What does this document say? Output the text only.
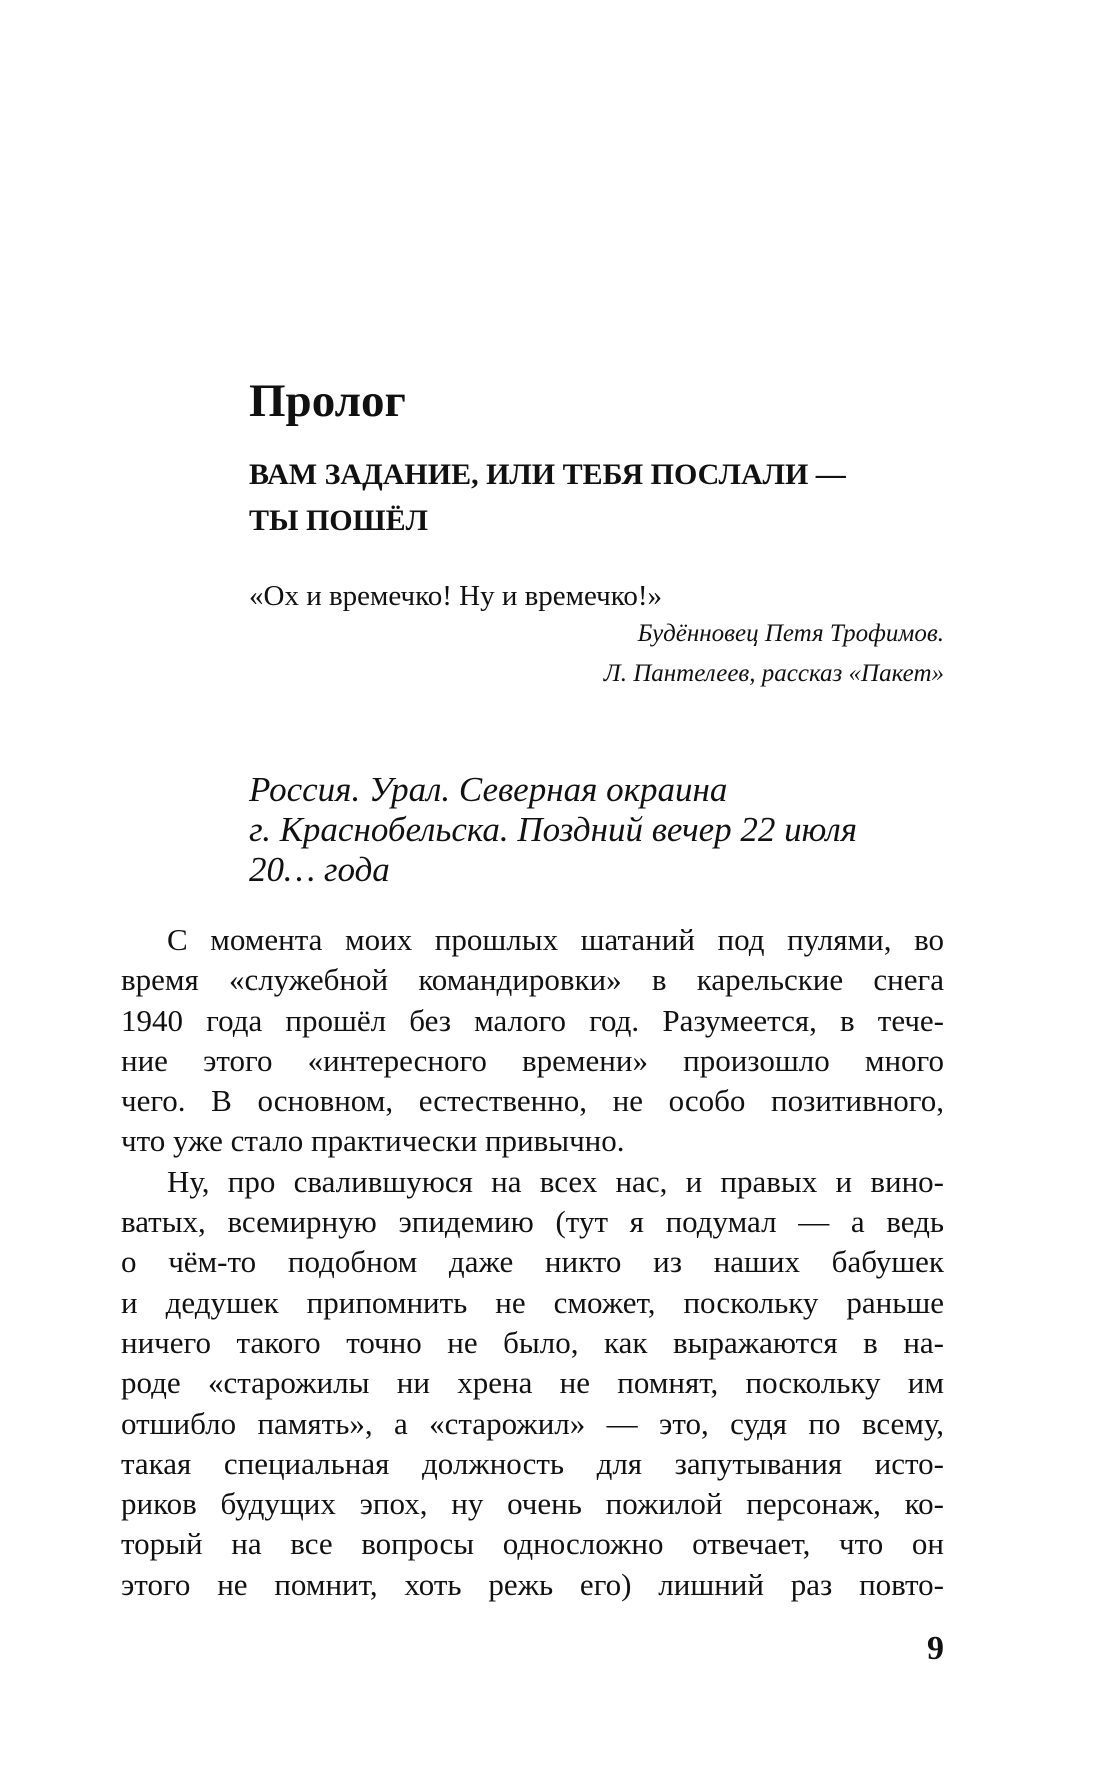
Пролог
ВАМ ЗАДАНИЕ, ИЛИ ТЕБЯ ПОСЛАЛИ —
ТЫ ПОШЁЛ

«Ох и времечко! Ну и времечко!»

Будённовец Петя Трофимов.

Л. Пантелеев, рассказ «Пакет»

Россия. Урал. Северная окраина
г. Краснобельска. Поздний вечер 22 июля
20… года

С момента моих прошлых шатаний под пулями, во
время «служебной командировки» в карельские снега
1940 года прошёл без малого год. Разумеется, в тече-
ние этого «интересного времени» произошло много
чего. В основном, естественно, не особо позитивного,
что уже стало практически привычно.

Ну, про свалившуюся на всех нас, и правых и вино-
ватых, всемирную эпидемию (тут я подумал — а ведь
о чём-то подобном даже никто из наших бабушек
и дедушек припомнить не сможет, поскольку раньше
ничего такого точно не было, как выражаются в на-
роде «старожилы ни хрена не помнят, поскольку им
отшибло память», а «старожил» — это, судя по всему,
такая специальная должность для запутывания исто-
риков будущих эпох, ну очень пожилой персонаж, ко-
торый на все вопросы односложно отвечает, что он
этого не помнит, хоть режь его) лишний раз повто-

9
